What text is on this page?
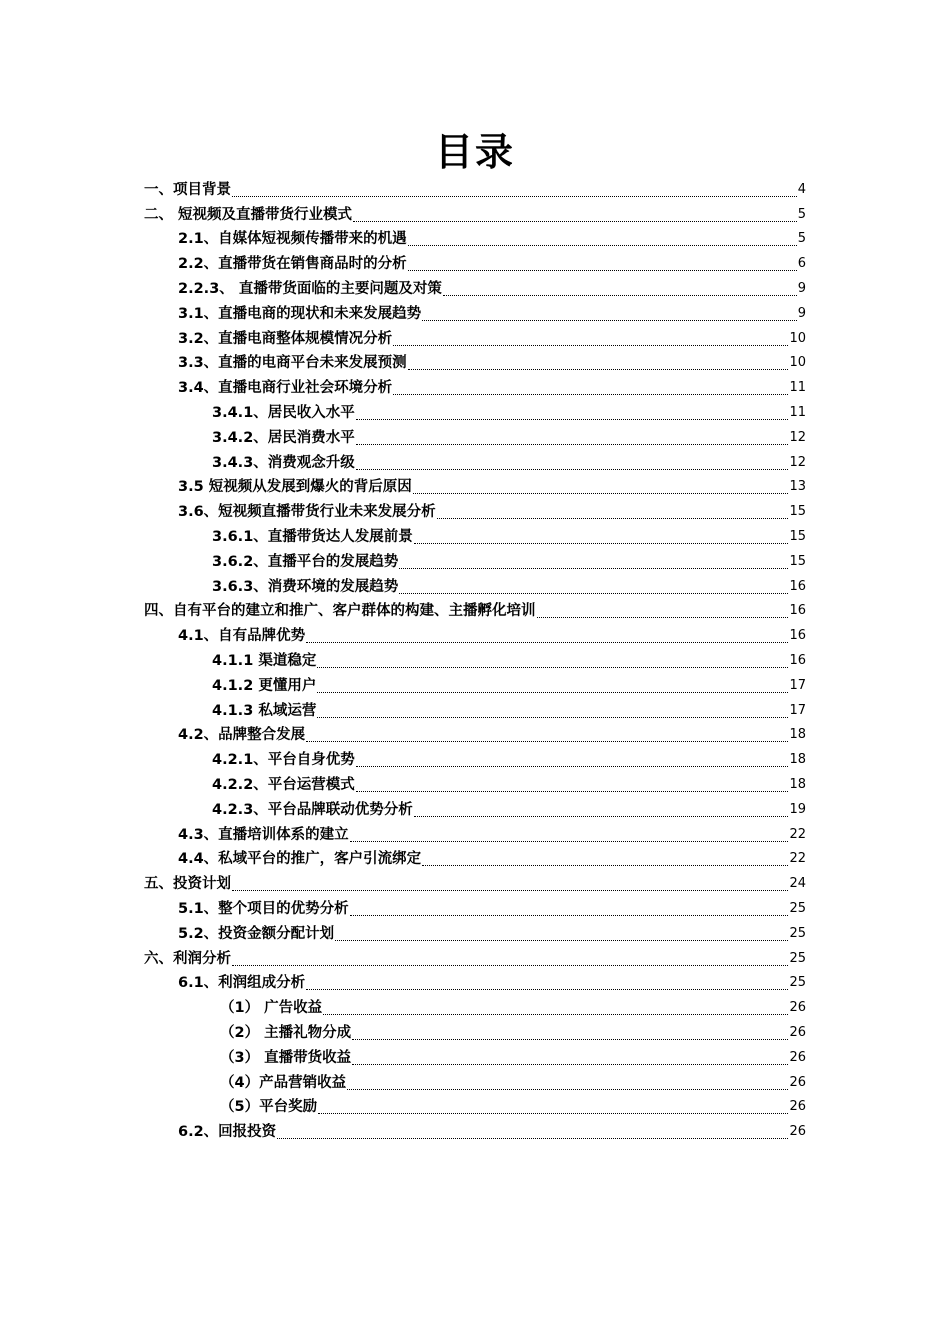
目录
一、项目背景	4
二、 短视频及直播带货行业模式	5
2.1、自媒体短视频传播带来的机遇	5
2.2、直播带货在销售商品时的分析	6
2.2.3、 直播带货面临的主要问题及对策	9
3.1、直播电商的现状和未来发展趋势	9
3.2、直播电商整体规模情况分析	10
3.3、直播的电商平台未来发展预测	10
3.4、直播电商行业社会环境分析	11
3.4.1、居民收入水平	11
3.4.2、居民消费水平	12
3.4.3、消费观念升级	12
3.5 短视频从发展到爆火的背后原因	13
3.6、短视频直播带货行业未来发展分析	15
3.6.1、直播带货达人发展前景	15
3.6.2、直播平台的发展趋势	15
3.6.3、消费环境的发展趋势	16
四、自有平台的建立和推广、客户群体的构建、主播孵化培训	16
4.1、自有品牌优势	16
4.1.1 渠道稳定	16
4.1.2 更懂用户	17
4.1.3 私域运营	17
4.2、品牌整合发展	18
4.2.1、平台自身优势	18
4.2.2、平台运营模式	18
4.2.3、平台品牌联动优势分析	19
4.3、直播培训体系的建立	22
4.4、私域平台的推广，客户引流绑定	22
五、投资计划	24
5.1、整个项目的优势分析	25
5.2、投资金额分配计划	25
六、利润分析	25
6.1、利润组成分析	25
（1） 广告收益	26
（2） 主播礼物分成	26
（3） 直播带货收益	26
（4）产品营销收益	26
（5）平台奖励	26
6.2、回报投资	26
